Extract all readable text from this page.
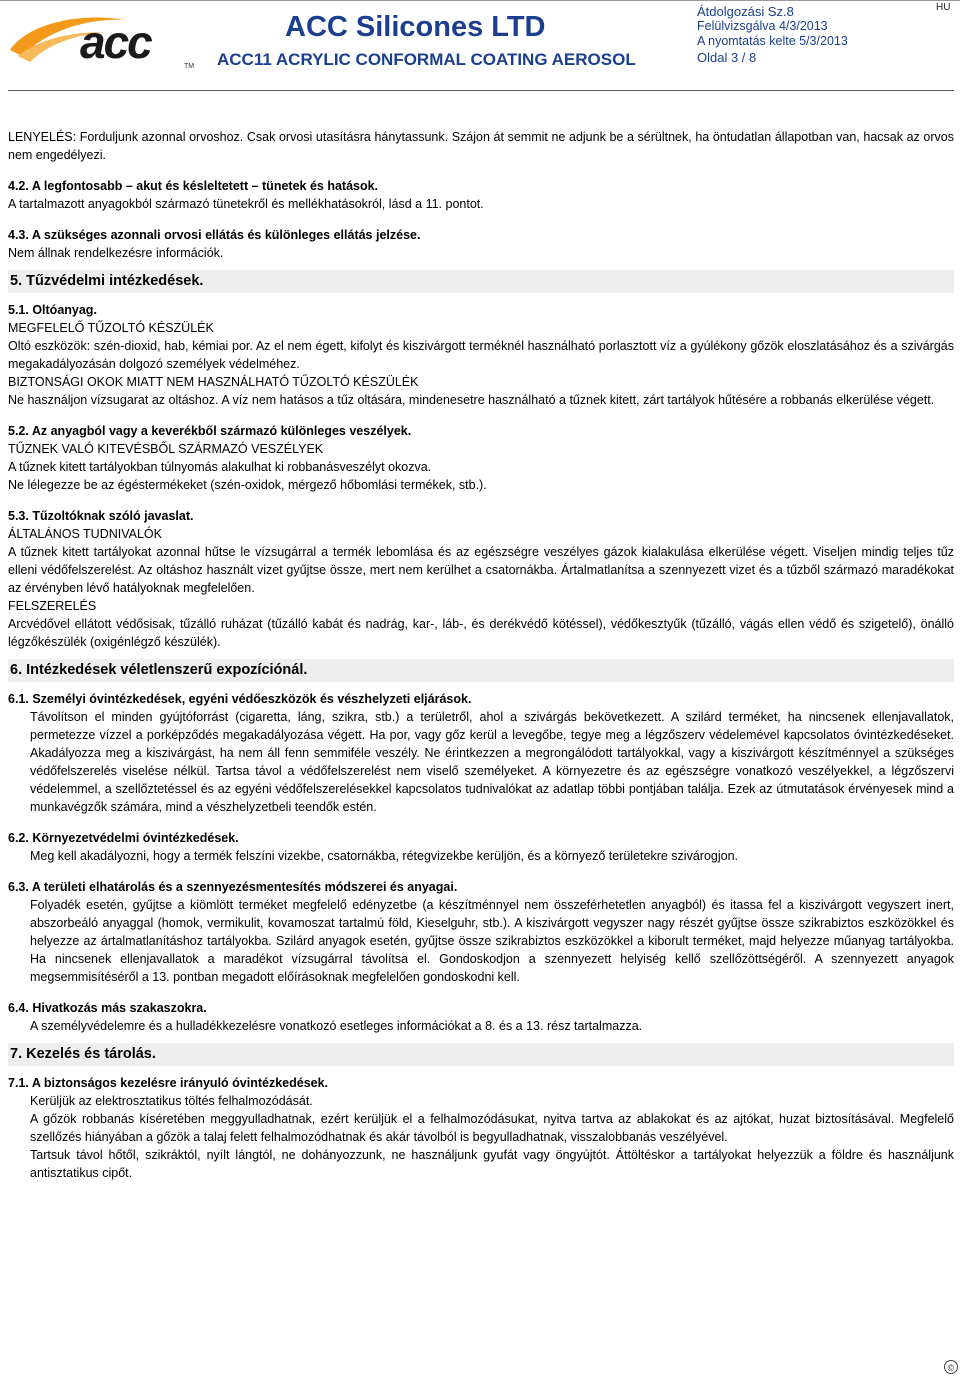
acc	TM
ACC Silicones LTD
ACC11 ACRYLIC CONFORMAL COATING AEROSOL
Átdolgozási Sz.8
Felülvizsgálva 4/3/2013
A nyomtatás kelte 5/3/2013
Oldal 3 / 8
HU
LENYELÉS: Forduljunk azonnal orvoshoz. Csak orvosi utasításra hánytassunk. Szájon át semmit ne adjunk be a sérültnek, ha öntudatlan állapotban van, hacsak az orvos nem engedélyezi.
4.2. A legfontosabb – akut és késleltetett – tünetek és hatások.
A tartalmazott anyagokból származó tünetekről és mellékhatásokról, lásd a 11. pontot.
4.3. A szükséges azonnali orvosi ellátás és különleges ellátás jelzése.
Nem állnak rendelkezésre információk.
5. Tűzvédelmi intézkedések.
5.1. Oltóanyag.
MEGFELELŐ TŰZOLTÓ KÉSZÜLÉK
Oltó eszközök: szén-dioxid, hab, kémiai por. Az el nem égett, kifolyt és kiszivárgott terméknél használható porlasztott víz a gyúlékony gőzök eloszlatásához és a szivárgás megakadályozásán dolgozó személyek védelméhez.
BIZTONSÁGI OKOK MIATT NEM HASZNÁLHATÓ TŰZOLTÓ KÉSZÜLÉK
Ne használjon vízsugarat az oltáshoz. A víz nem hatásos a tűz oltására, mindenesetre használható a tűznek kitett, zárt tartályok hűtésére a robbanás elkerülése végett.
5.2. Az anyagból vagy a keverékből származó különleges veszélyek.
TŰZNEK VALÓ KITEVÉSBŐL SZÁRMAZÓ VESZÉLYEK
A tűznek kitett tartályokban túlnyomás alakulhat ki robbanásveszélyt okozva.
Ne lélegezze be az égéstermékeket (szén-oxidok, mérgező hőbomlási termékek, stb.).
5.3. Tűzoltóknak szóló javaslat.
ÁLTALÁNOS TUDNIVALÓK
A tűznek kitett tartályokat azonnal hűtse le vízsugárral a termék lebomlása és az egészségre veszélyes gázok kialakulása elkerülése végett. Viseljen mindig teljes tűz elleni védőfelszerelést. Az oltáshoz használt vizet gyűjtse össze, mert nem kerülhet a csatornákba. Ártalmatlanítsa a szennyezett vizet és a tűzből származó maradékokat az érvényben lévő hatályoknak megfelelően.
FELSZERELÉS
Arcvédővel ellátott védősisak, tűzálló ruházat (tűzálló kabát és nadrág, kar-, láb-, és derékvédő kötéssel), védőkesztyűk (tűzálló, vágás ellen védő és szigetelő), önálló légzőkészülék (oxigénlégző készülék).
6. Intézkedések véletlenszerű expozíciónál.
6.1. Személyi óvintézkedések, egyéni védőeszközök és vészhelyzeti eljárások.
Távolítson el minden gyújtóforrást (cigaretta, láng, szikra, stb.) a területről, ahol a szivárgás bekövetkezett. A szilárd terméket, ha nincsenek ellenjavallatok, permetezze vízzel a porképződés megakadályozása végett. Ha por, vagy gőz kerül a levegőbe, tegye meg a légzőszerv védelemével kapcsolatos óvintézkedéseket. Akadályozza meg a kiszivárgást, ha nem áll fenn semmiféle veszély. Ne érintkezzen a megrongálódott tartályokkal, vagy a kiszivárgott készítménnyel a szükséges védőfelszerelés viselése nélkül. Tartsa távol a védőfelszerelést nem viselő személyeket. A környezetre és az egészségre vonatkozó veszélyekkel, a légzőszervi védelemmel, a szellőztetéssel és az egyéni védőfelszerelésekkel kapcsolatos tudnivalókat az adatlap többi pontjában találja. Ezek az útmutatások érvényesek mind a munkavégzők számára, mind a vészhelyzetbeli teendők estén.
6.2. Környezetvédelmi óvintézkedések.
Meg kell akadályozni, hogy a termék felszíni vizekbe, csatornákba, rétegvizekbe kerüljön, és a környező területekre szivárogjon.
6.3. A területi elhatárolás és a szennyezésmentesítés módszerei és anyagai.
Folyadék esetén, gyűjtse a kiömlött terméket megfelelő edényzetbe (a készítménnyel nem összeférhetetlen anyagból) és itassa fel a kiszivárgott vegyszert inert, abszorbeáló anyaggal (homok, vermikulit, kovamoszat tartalmú föld, Kieselguhr, stb.). A kiszivárgott vegyszer nagy részét gyűjtse össze szikrabiztos eszközökkel és helyezze az ártalmatlanításhoz tartályokba. Szilárd anyagok esetén, gyűjtse össze szikrabiztos eszközökkel a kiborult terméket, majd helyezze műanyag tartályokba. Ha nincsenek ellenjavallatok a maradékot vízsugárral távolítsa el. Gondoskodjon a szennyezett helyiség kellő szellőzöttségéről. A szennyezett anyagok megsemmisítéséről a 13. pontban megadott előírásoknak megfelelően gondoskodni kell.
6.4. Hivatkozás más szakaszokra.
A személyvédelemre és a hulladékkezelésre vonatkozó esetleges információkat a 8. és a 13. rész tartalmazza.
7. Kezelés és tárolás.
7.1. A biztonságos kezelésre irányuló óvintézkedések.
Kerüljük az elektrosztatikus töltés felhalmozódását.
A gőzök robbanás kíséretében meggyulladhatnak, ezért kerüljük el a felhalmozódásukat, nyitva tartva az ablakokat és az ajtókat, huzat biztosításával. Megfelelő szellőzés hiányában a gőzök a talaj felett felhalmozódhatnak és akár távolból is begyulladhatnak, visszalobbanás veszélyével.
Tartsuk távol hőtől, szikráktól, nyílt lángtól, ne dohányozzunk, ne használjunk gyufát vagy öngyújtót. Áttöltéskor a tartályokat helyezzük a földre és használjunk antisztatikus cipőt.
©
